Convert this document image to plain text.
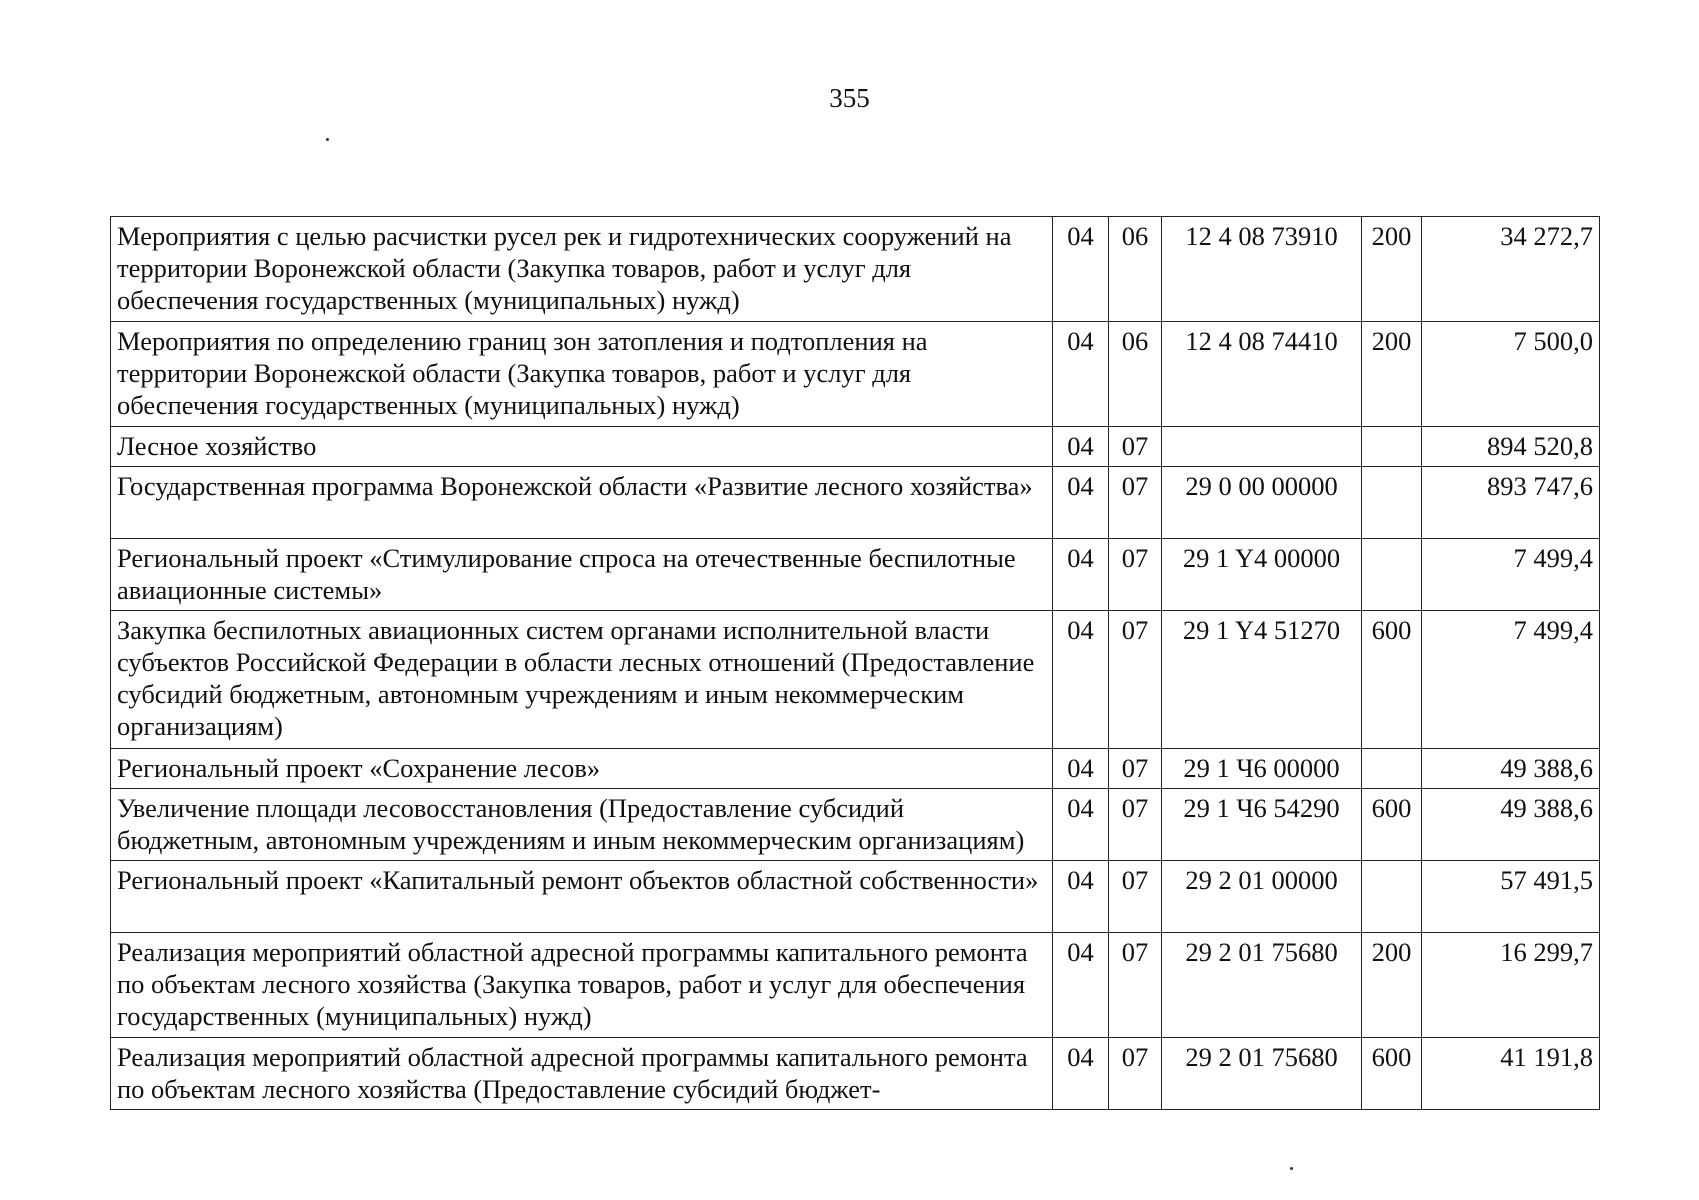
355
Мероприятия с целью расчистки русел рек и гидротехнических сооружений на территории Воронежской области (Закупка товаров, работ и услуг для обеспечения государственных (муниципальных) нужд)	04	06	12 4 08 73910	200	34 272,7
Мероприятия по определению границ зон затопления и подтопления на территории Воронежской области (Закупка товаров, работ и услуг для обеспечения государственных (муниципальных) нужд)	04	06	12 4 08 74410	200	7 500,0
Лесное хозяйство	04	07			894 520,8
Государственная программа Воронежской области «Развитие лесного хозяйства»	04	07	29 0 00 00000		893 747,6
Региональный проект «Стимулирование спроса на отечественные беспилотные авиационные системы»	04	07	29 1 Y4 00000		7 499,4
Закупка беспилотных авиационных систем органами исполнительной власти субъектов Российской Федерации в области лесных отношений (Предоставление субсидий бюджетным, автономным учреждениям и иным некоммерческим организациям)	04	07	29 1 Y4 51270	600	7 499,4
Региональный проект «Сохранение лесов»	04	07	29 1 Ч6 00000		49 388,6
Увеличение площади лесовосстановления (Предоставление субсидий бюджетным, автономным учреждениям и иным некоммерческим организациям)	04	07	29 1 Ч6 54290	600	49 388,6
Региональный проект «Капитальный ремонт объектов областной собственности»	04	07	29 2 01 00000		57 491,5
Реализация мероприятий областной адресной программы капитального ремонта по объектам лесного хозяйства (Закупка товаров, работ и услуг для обеспечения государственных (муниципальных) нужд)	04	07	29 2 01 75680	200	16 299,7
Реализация мероприятий областной адресной программы капитального ремонта по объектам лесного хозяйства (Предоставление субсидий бюджет-	04	07	29 2 01 75680	600	41 191,8
